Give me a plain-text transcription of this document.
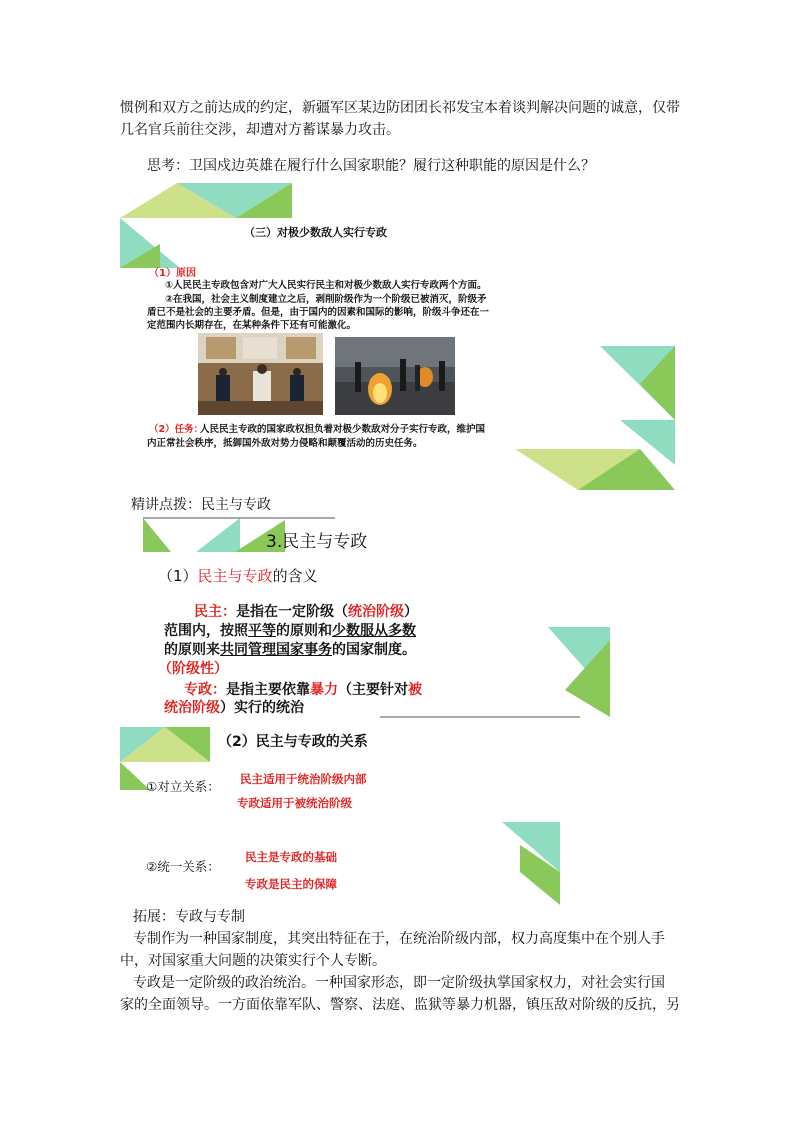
惯例和双方之前达成的约定，新疆军区某边防团团长祁发宝本着谈判解决问题的诚意，仅带
几名官兵前往交涉，却遭对方蓄谋暴力攻击。
思考：卫国戍边英雄在履行什么国家职能？履行这种职能的原因是什么？
（三）对极少数敌人实行专政
（1）原因
①人民民主专政包含对广大人民实行民主和对极少数敌人实行专政两个方面。
②在我国，社会主义制度建立之后，剥削阶级作为一个阶级已被消灭，阶级矛
盾已不是社会的主要矛盾。但是，由于国内的因素和国际的影响，阶级斗争还在一
定范围内长期存在，在某种条件下还有可能激化。
（2）任务：
人民民主专政的国家政权担负着对极少数敌对分子实行专政，维护国
内正常社会秩序，抵御国外敌对势力侵略和颠覆活动的历史任务。
精讲点拨：民主与专政
3.民主与专政
（1）民主与专政的含义
民主：是指在一定阶级（统治阶级）
范围内，按照平等的原则和少数服从多数
的原则来共同管理国家事务的国家制度。
（阶级性）
专政：是指主要依靠暴力（主要针对被
统治阶级）实行的统治
（2）民主与专政的关系
①对立关系： 民主适用于统治阶级内部
专政适用于被统治阶级
②统一关系：
民主是专政的基础
专政是民主的保障
拓展：专政与专制
专制作为一种国家制度，其突出特征在于，在统治阶级内部，权力高度集中在个别人手
中，对国家重大问题的决策实行个人专断。
专政是一定阶级的政治统治。一种国家形态，即一定阶级执掌国家权力，对社会实行国
家的全面领导。一方面依靠军队、警察、法庭、监狱等暴力机器，镇压敌对阶级的反抗，另
